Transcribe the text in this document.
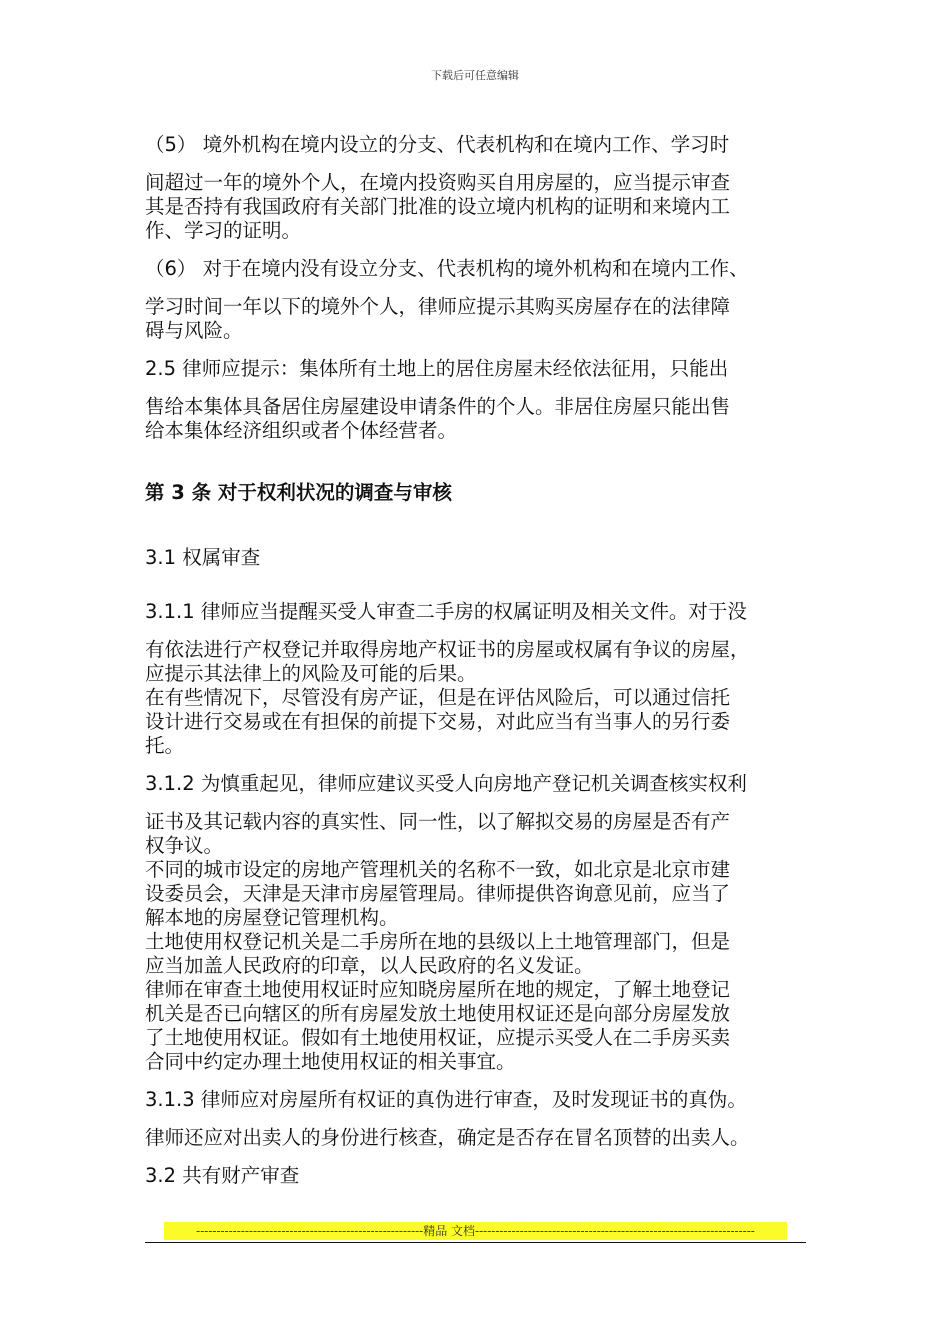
下载后可任意编辑
（5） 境外机构在境内设立的分支、代表机构和在境内工作、学习时
间超过一年的境外个人，在境内投资购买自用房屋的，应当提示审查
其是否持有我国政府有关部门批准的设立境内机构的证明和来境内工
作、学习的证明。
（6） 对于在境内没有设立分支、代表机构的境外机构和在境内工作、
学习时间一年以下的境外个人，律师应提示其购买房屋存在的法律障
碍与风险。
2.5 律师应提示：集体所有土地上的居住房屋未经依法征用，只能出
售给本集体具备居住房屋建设申请条件的个人。非居住房屋只能出售
给本集体经济组织或者个体经营者。
第 3 条 对于权利状况的调查与审核
3.1 权属审查
3.1.1 律师应当提醒买受人审查二手房的权属证明及相关文件。对于没
有依法进行产权登记并取得房地产权证书的房屋或权属有争议的房屋，
应提示其法律上的风险及可能的后果。
在有些情况下，尽管没有房产证，但是在评估风险后，可以通过信托
设计进行交易或在有担保的前提下交易，对此应当有当事人的另行委
托。
3.1.2 为慎重起见，律师应建议买受人向房地产登记机关调查核实权利
证书及其记载内容的真实性、同一性，以了解拟交易的房屋是否有产
权争议。
不同的城市设定的房地产管理机关的名称不一致，如北京是北京市建
设委员会，天津是天津市房屋管理局。律师提供咨询意见前，应当了
解本地的房屋登记管理机构。
土地使用权登记机关是二手房所在地的县级以上土地管理部门，但是
应当加盖人民政府的印章，以人民政府的名义发证。
律师在审查土地使用权证时应知晓房屋所在地的规定，了解土地登记
机关是否已向辖区的所有房屋发放土地使用权证还是向部分房屋发放
了土地使用权证。假如有土地使用权证，应提示买受人在二手房买卖
合同中约定办理土地使用权证的相关事宜。
3.1.3 律师应对房屋所有权证的真伪进行审查，及时发现证书的真伪。
律师还应对出卖人的身份进行核查，确定是否存在冒名顶替的出卖人。
3.2 共有财产审查
--------------------------------------------------------精品 文档---------------------------------------------------------------------
